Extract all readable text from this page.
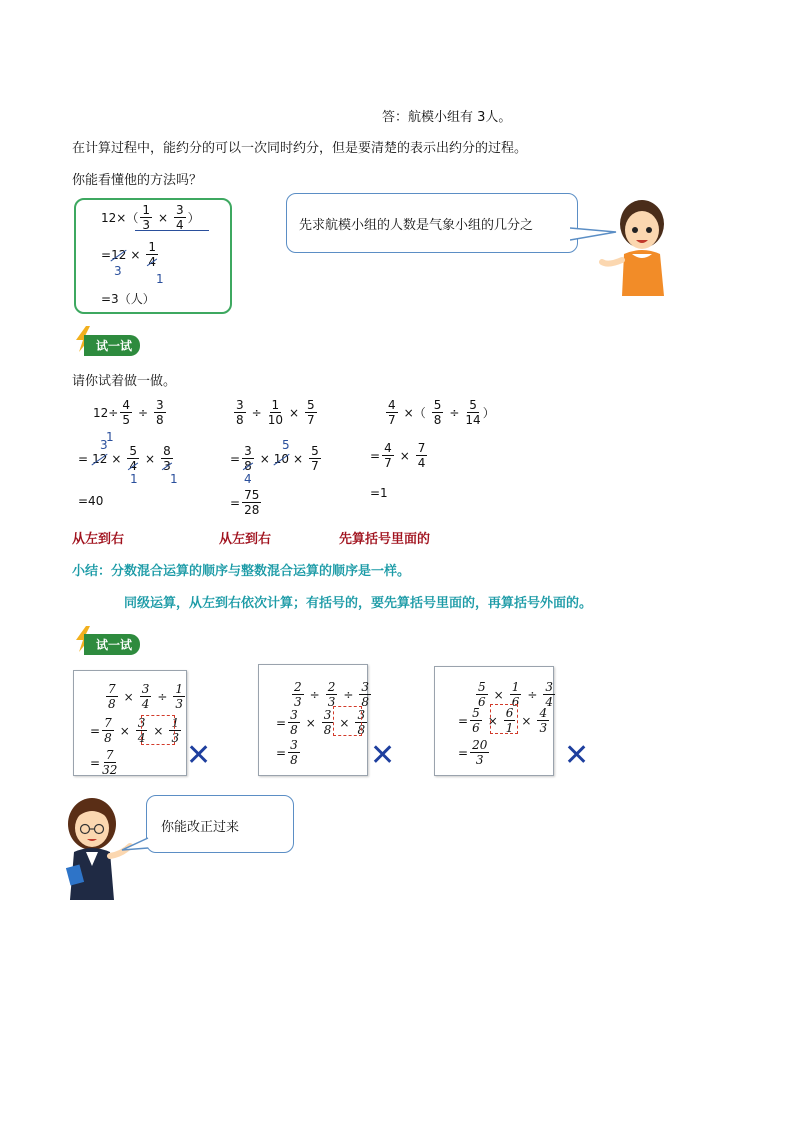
答：航模小组有 3人。
在计算过程中，能约分的可以一次同时约分，但是要清楚的表示出约分的过程。
你能看懂他的方法吗？
$12\times( \frac{1}{3} \times \frac{3}{4}$ ）
= $12 \times \frac{1}{4}$
3
1
=3（人）
先求航模小组的人数是气象小组的几分之
试一试
请你试着做一做。
$12\div \frac{4}{5} \div \frac{3}{8}$
3
1
= $12 \times \frac{5}{4} \times \frac{8}{3}$
1	1
=40
从左到右
$\frac{3}{8} \div \frac{1}{10} \times \frac{5}{7}$
5
= $\frac{3}{8} \times 10 \times \frac{5}{7}$
4
= $\frac{75}{28}$
从左到右
$\frac{4}{7}$ ×（ $\frac{5}{8} \div \frac{5}{14}$ ）
= $\frac{4}{7} \times \frac{7}{4}$
=1
先算括号里面的
小结：分数混合运算的顺序与整数混合运算的顺序是一样。
同级运算，从左到右依次计算；有括号的，要先算括号里面的，再算括号外面的。
试一试
$\frac{7}{8} \times \frac{3}{4} \div \frac{1}{3}$
= $\frac{7}{8} \times \frac{3}{4} \times \frac{1}{3}$
= $\frac{7}{32}$ ✕
$\frac{2}{3} \div \frac{2}{3} \div \frac{3}{8}$
= $\frac{3}{8} \times \frac{3}{8} \times \frac{3}{8}$
= $\frac{3}{8}$ ✕
$\frac{5}{6} \times \frac{1}{6} \div \frac{3}{4}$
= $\frac{5}{6} \times \frac{6}{1} \times \frac{4}{3}$
= $\frac{20}{3}$ ✕
你能改正过来
